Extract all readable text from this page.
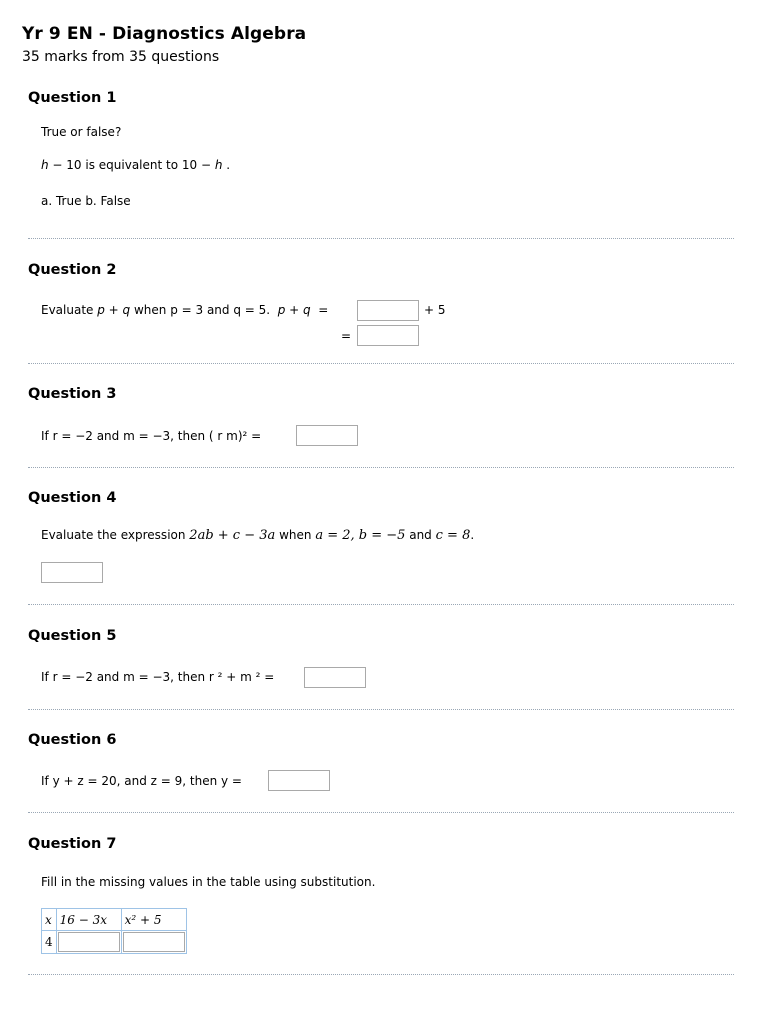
Yr 9 EN - Diagnostics Algebra
35 marks from 35 questions
Question 1
True or false?
h − 10 is equivalent to 10 − h .
a. True b. False
Question 2
Evaluate p + q when p = 3 and q = 5. p + q =	+ 5
=
Question 3
If r = −2 and m = −3, then ( r m)² =
Question 4
Evaluate the expression 2ab + c − 3a when a = 2, b = −5 and c = 8.
Question 5
If r = −2 and m = −3, then r ² + m ² =
Question 6
If y + z = 20, and z = 9, then y =
Question 7
Fill in the missing values in the table using substitution.
x	16 − 3x	x² + 5
4	
